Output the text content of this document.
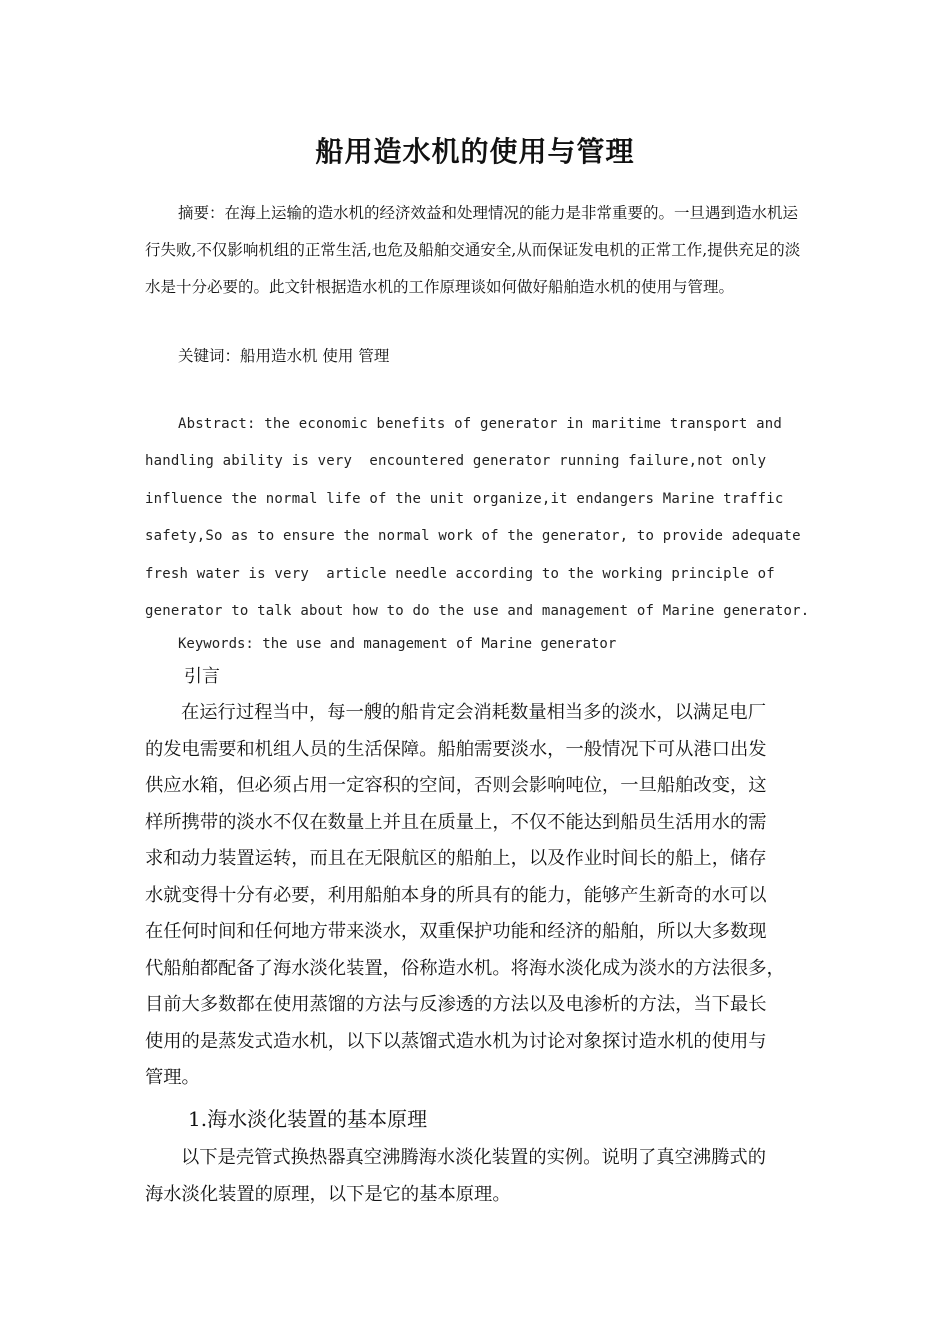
船用造水机的使用与管理

摘要：在海上运输的造水机的经济效益和处理情况的能力是非常重要的。一旦遇到造水机运行失败,不仅影响机组的正常生活,也危及船舶交通安全,从而保证发电机的正常工作,提供充足的淡水是十分必要的。此文针根据造水机的工作原理谈如何做好船舶造水机的使用与管理。

关键词：船用造水机 使用 管理

Abstract: the economic benefits of generator in maritime transport and
handling ability is very  encountered generator running failure,not only
influence the normal life of the unit organize,it endangers Marine traffic
safety,So as to ensure the normal work of the generator, to provide adequate
fresh water is very  article needle according to the working principle of
generator to talk about how to do the use and management of Marine generator.

Keywords: the use and management of Marine generator

引言

在运行过程当中，每一艘的船肯定会消耗数量相当多的淡水，以满足电厂
的发电需要和机组人员的生活保障。船舶需要淡水，一般情况下可从港口出发
供应水箱，但必须占用一定容积的空间，否则会影响吨位，一旦船舶改变，这
样所携带的淡水不仅在数量上并且在质量上，不仅不能达到船员生活用水的需
求和动力装置运转，而且在无限航区的船舶上，以及作业时间长的船上，储存
水就变得十分有必要，利用船舶本身的所具有的能力，能够产生新奇的水可以
在任何时间和任何地方带来淡水，双重保护功能和经济的船舶，所以大多数现
代船舶都配备了海水淡化装置，俗称造水机。将海水淡化成为淡水的方法很多，
目前大多数都在使用蒸馏的方法与反渗透的方法以及电渗析的方法，当下最长
使用的是蒸发式造水机，以下以蒸馏式造水机为讨论对象探讨造水机的使用与
管理。

1.海水淡化装置的基本原理

以下是壳管式换热器真空沸腾海水淡化装置的实例。说明了真空沸腾式的
海水淡化装置的原理，以下是它的基本原理。
